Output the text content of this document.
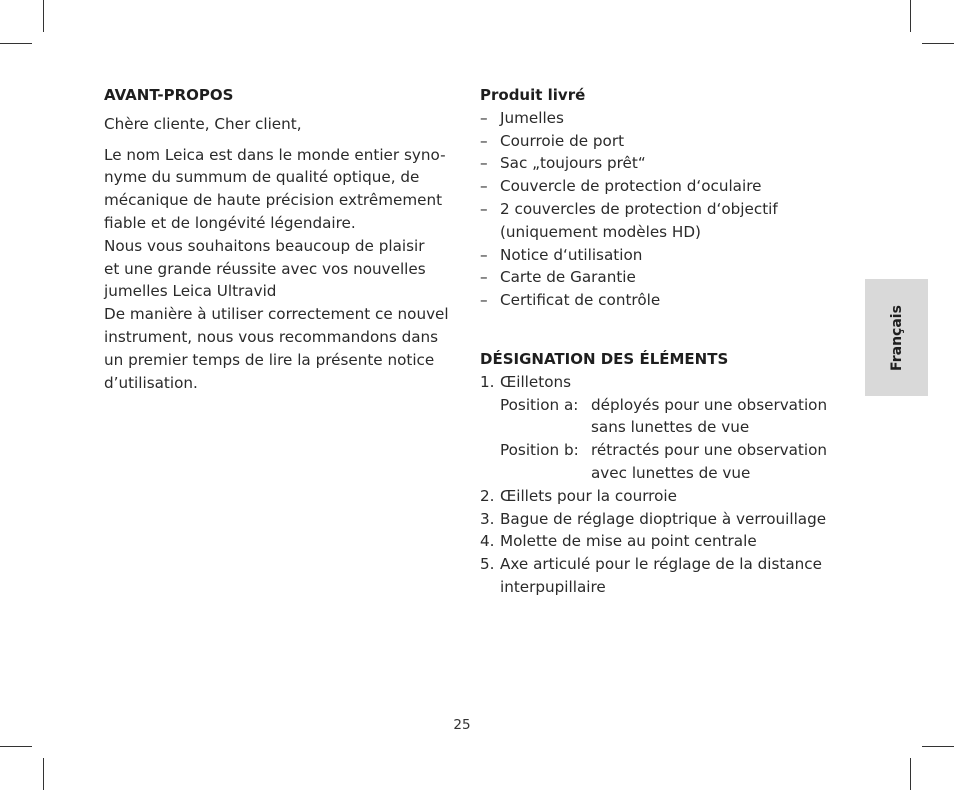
AVANT-PROPOS

Chère cliente, Cher client,

Le nom Leica est dans le monde entier syno-
nyme du summum de qualité optique, de
mécanique de haute précision extrêmement
fiable et de longévité légendaire.
Nous vous souhaitons beaucoup de plaisir
et une grande réussite avec vos nouvelles
jumelles Leica Ultravid
De manière à utiliser correctement ce nouvel
instrument, nous vous recommandons dans
un premier temps de lire la présente notice
d’utilisation.
Produit livré
– Jumelles
– Courroie de port
– Sac „toujours prêt“
– Couvercle de protection d‘oculaire
– 2 couvercles de protection d‘objectif
(uniquement modèles HD)
– Notice d‘utilisation
– Carte de Garantie
– Certificat de contrôle
DÉSIGNATION DES ÉLÉMENTS
1. Œilletons
Position a: déployés pour une observation
sans lunettes de vue
Position b: rétractés pour une observation
avec lunettes de vue
2. Œillets pour la courroie
3. Bague de réglage dioptrique à verrouillage
4. Molette de mise au point centrale
5. Axe articulé pour le réglage de la distance
interpupillaire
Français
25
